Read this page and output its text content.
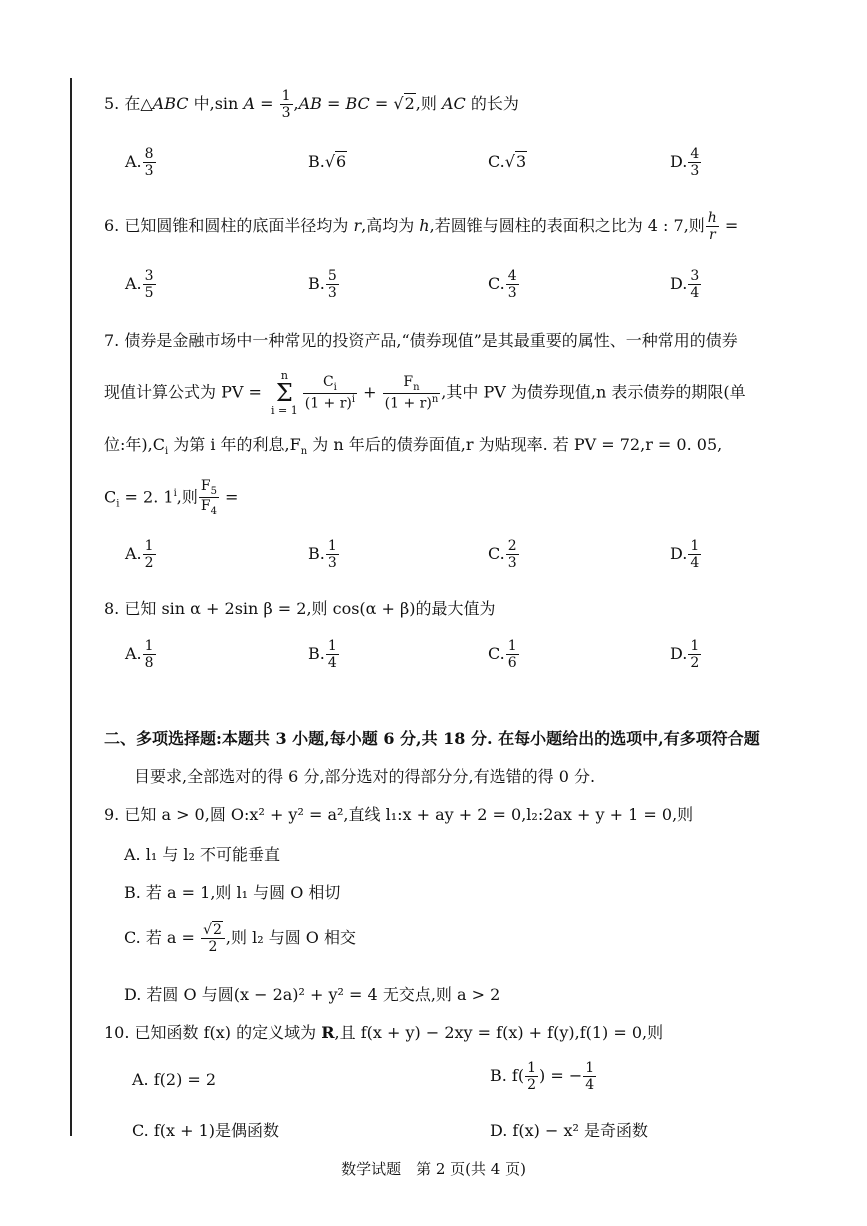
5. 在△ABC 中,sin $A = \frac{1}{3} ,AB$ = BC = √2,则 AC 的长为
A. $\frac{8}{3}$	B.√6	C.√3	D. $\frac{4}{3}$
6. 已知圆锥和圆柱的底面半径均为 r,高均为 h,若圆锥与圆柱的表面积之比为 4 : 7,则 $\frac{h}{r}$ =
A. $\frac{3}{5}$	B. $\frac{5}{3}$	C. $\frac{4}{3}$	D. $\frac{3}{4}$
7. 债券是金融市场中一种常见的投资产品,“债券现值”是其最重要的属性、一种常用的债券
现值计算公式为 PV = n
Σ
$i = 1 \frac{C_i}{(1 + r)^i} + \frac{F_n}{(1 + r)^n}$ ,其中 PV 为债券现值,n 表示债券的期限(单
位:年)$,C_i$ 为第 i 年的利息$,F_n$ 为 n 年后的债券面值,r 为贴现率. 若 PV = 72,r = 0. 05,
$C_i = 2$. 1$^i$,则 $\frac{F_5}{F_4}$ =
A. $\frac{1}{2}$	B. $\frac{1}{3}$	C. $\frac{2}{3}$	D. $\frac{1}{4}$
8. 已知 sin α + 2sin β = 2,则 cos(α + β)的最大值为
A. $\frac{1}{8}$	B. $\frac{1}{4}$	C. $\frac{1}{6}$	D. $\frac{1}{2}$
二、多项选择题:本题共 3 小题,每小题 6 分,共 18 分. 在每小题给出的选项中,有多项符合题
目要求,全部选对的得 6 分,部分选对的得部分分,有选错的得 0 分.
9. 已知 a > 0,圆 O:x² + y² = a²,直线 l₁:x + ay + 2 = 0,l₂:2ax + y + 1 = 0,则
A. l₁ 与 l₂ 不可能垂直
B. 若 a = 1,则 l₁ 与圆 O 相切
C. 若 $a = \frac{√2}{2}$ ,则 l₂ 与圆 O 相交
D. 若圆 O 与圆(x − 2a)² + y² = 4 无交点,则 a > 2
10. 已知函数 f(x) 的定义域为 R,且 f(x + y) − 2xy = f(x) + f(y),f(1) = 0,则
A. f(2) = 2	B. $f( \frac{1}{2}$ ) = − $\frac{1}{4}$
C. f(x + 1)是偶函数	D. f(x) − x² 是奇函数
数学试题　第 2 页(共 4 页)
